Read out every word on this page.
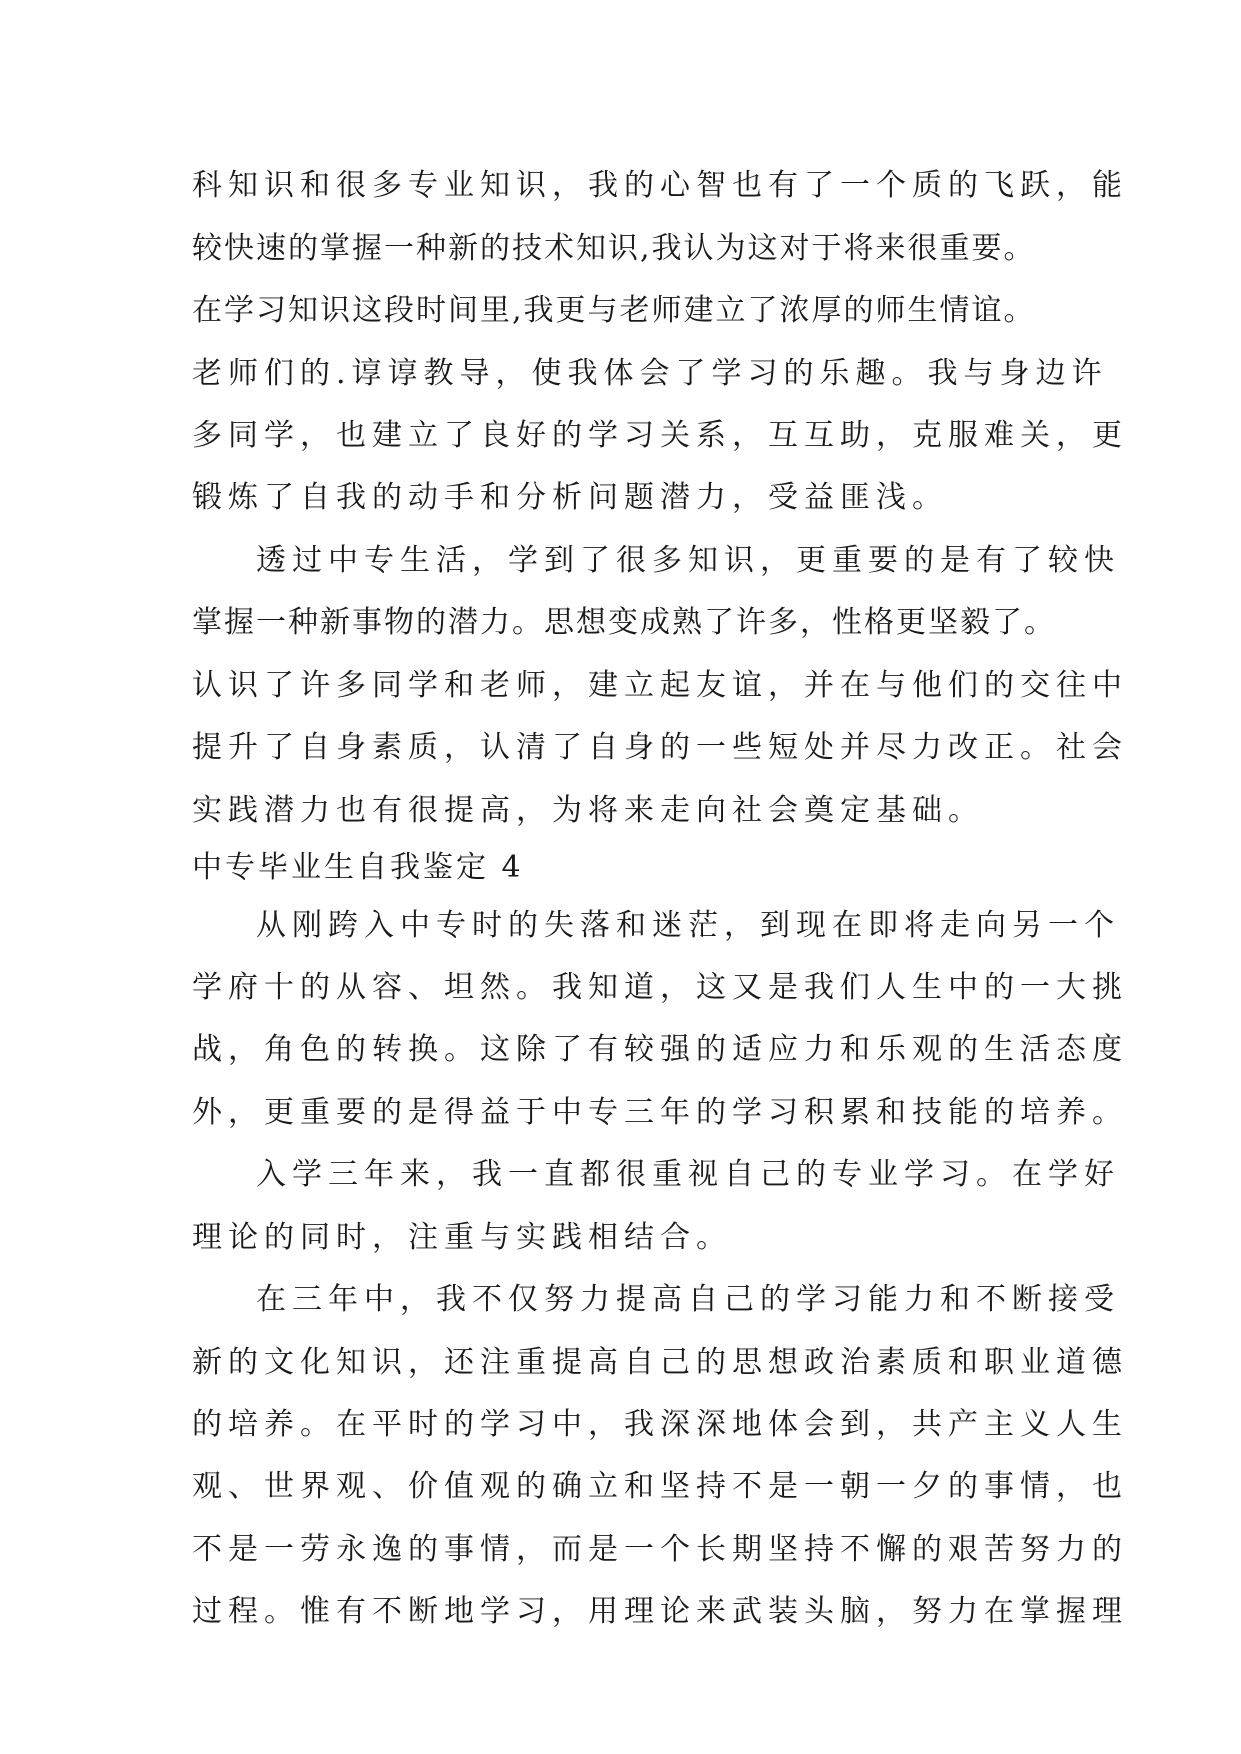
科知识和很多专业知识，我的心智也有了一个质的飞跃，能
较快速的掌握一种新的技术知识,我认为这对于将来很重要。
在学习知识这段时间里,我更与老师建立了浓厚的师生情谊。
老师们的.谆谆教导，使我体会了学习的乐趣。我与身边许
多同学，也建立了良好的学习关系，互互助，克服难关，更
锻炼了自我的动手和分析问题潜力，受益匪浅。
透过中专生活，学到了很多知识，更重要的是有了较快
掌握一种新事物的潜力。思想变成熟了许多，性格更坚毅了。
认识了许多同学和老师，建立起友谊，并在与他们的交往中
提升了自身素质，认清了自身的一些短处并尽力改正。社会
实践潜力也有很提高，为将来走向社会奠定基础。
中专毕业生自我鉴定 4
从刚跨入中专时的失落和迷茫，到现在即将走向另一个
学府十的从容、坦然。我知道，这又是我们人生中的一大挑
战，角色的转换。这除了有较强的适应力和乐观的生活态度
外，更重要的是得益于中专三年的学习积累和技能的培养。
入学三年来，我一直都很重视自己的专业学习。在学好
理论的同时，注重与实践相结合。
在三年中，我不仅努力提高自己的学习能力和不断接受
新的文化知识，还注重提高自己的思想政治素质和职业道德
的培养。在平时的学习中，我深深地体会到，共产主义人生
观、世界观、价值观的确立和坚持不是一朝一夕的事情，也
不是一劳永逸的事情，而是一个长期坚持不懈的艰苦努力的
过程。惟有不断地学习，用理论来武装头脑，努力在掌握理
